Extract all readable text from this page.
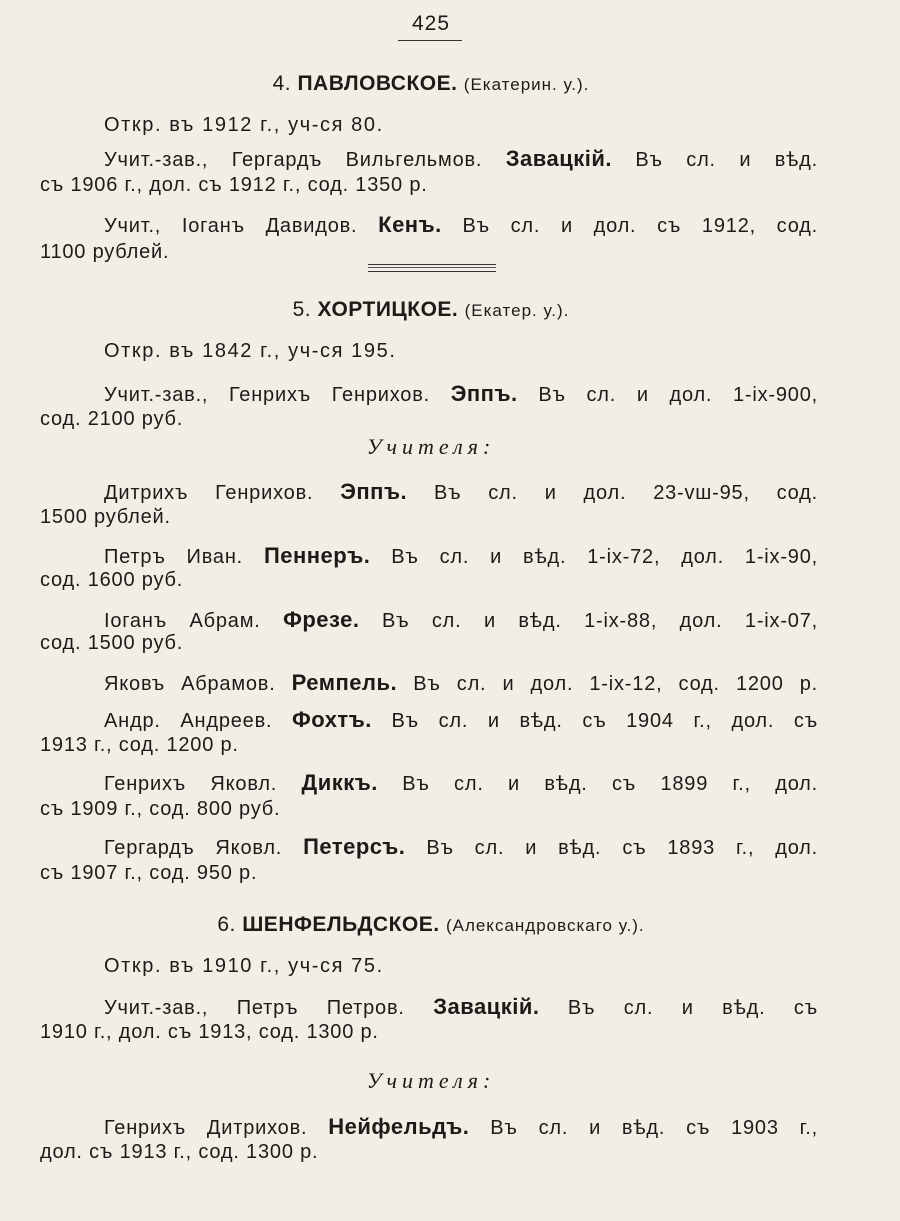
425
4. ПАВЛОВСКОЕ. (Екатерин. у.).
Откр. въ 1912 г., уч-ся 80.
Учит.-зав., Гергардъ Вильгельмов. Завацкій. Въ сл. и вѣд.
съ 1906 г., дол. съ 1912 г., сод. 1350 р.
Учит., Іоганъ Давидов. Кенъ. Въ сл. и дол. съ 1912, сод.
1100 рублей.
5. ХОРТИЦКОЕ. (Екатер. у.).
Откр. въ 1842 г., уч-ся 195.
Учит.-зав., Генрихъ Генрихов. Эппъ. Въ сл. и дол. 1-ix-900,
сод. 2100 руб.
Учителя:
Дитрихъ Генрихов. Эппъ. Въ сл. и дол. 23-vш-95, сод.
1500 рублей.
Петръ Иван. Пеннеръ. Въ сл. и вѣд. 1-ix-72, дол. 1-ix-90,
сод. 1600 руб.
Іоганъ Абрам. Фрезе. Въ сл. и вѣд. 1-ix-88, дол. 1-ix-07,
сод. 1500 руб.
Яковъ Абрамов. Ремпель. Въ сл. и дол. 1-ix-12, сод. 1200 р.
Андр. Андреев. Фохтъ. Въ сл. и вѣд. съ 1904 г., дол. съ
1913 г., сод. 1200 р.
Генрихъ Яковл. Диккъ. Въ сл. и вѣд. съ 1899 г., дол.
съ 1909 г., сод. 800 руб.
Гергардъ Яковл. Петерсъ. Въ сл. и вѣд. съ 1893 г., дол.
съ 1907 г., сод. 950 р.
6. ШЕНФЕЛЬДСКОЕ. (Александровскаго у.).
Откр. въ 1910 г., уч-ся 75.
Учит.-зав., Петръ Петров. Завацкій. Въ сл. и вѣд. съ
1910 г., дол. съ 1913, сод. 1300 р.
Учителя:
Генрихъ Дитрихов. Нейфельдъ. Въ сл. и вѣд. съ 1903 г.,
дол. съ 1913 г., сод. 1300 р.
